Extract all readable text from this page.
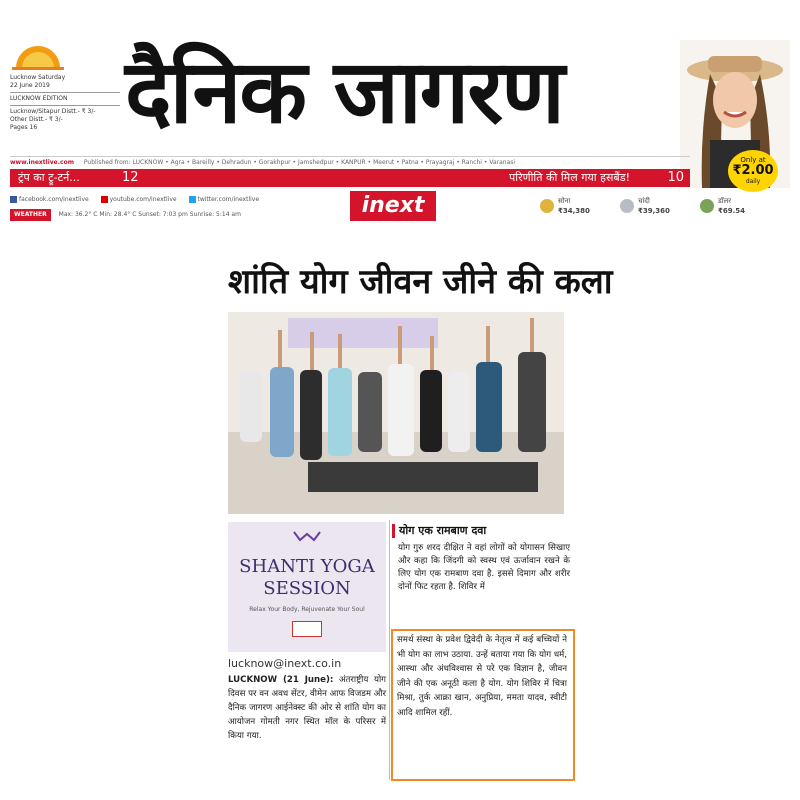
Lucknow Saturday
22 June 2019
LUCKNOW EDITION
Lucknow/Sitapur Distt.- ₹ 3/-
Other Distt.- ₹ 3/-
Pages 16 दैनिक जागरण
Only at
₹2.00
daily
www.inextlive.com Published from: LUCKNOW • Agra • Bareilly • Dehradun • Gorakhpur • Jamshedpur • KANPUR • Meerut • Patna • Prayagraj • Ranchi • Varanasi
ट्रंप का ट्रू-टर्न...	12	परिणीति की मिल गया हसबैंड!	10
facebook.com/inextlive	youtube.com/inextlive	twitter.com/inextlive
WEATHER Max: 36.2° C Min: 28.4° C Sunset: 7:03 pm Sunrise: 5:14 am	inext	सोना
₹34,380
चांदी
₹39,360
डॉलर
₹69.54
शांति योग जीवन जीने की कला
SHANTI YOGA
SESSION
Relax Your Body, Rejuvenate Your Soul
lucknow@inext.co.in
LUCKNOW (21 June): अंतराष्ट्रीय योग दिवस पर वन अवध सेंटर, वीमेन आफ विजडम और दैनिक जागरण आईनेक्स्ट की ओर से शांति योग का आयोजन गोमती नगर स्थित मॉल के परिसर में किया गया.
योग एक रामबाण दवा
योग गुरु शरद दीक्षित ने वहां लोगों को योगासन सिखाए और कहा कि जिंदगी को स्वस्थ एवं ऊर्जावान रखने के लिए योग एक रामबाण दवा है. इससे दिमाग और शरीर दोनों फिट रहता है. शिविर में
समर्थ संस्था के प्रवेश द्विवेदी के नेतृत्व में कई बच्चियों ने भी योग का लाभ उठाया. उन्हें बताया गया कि योग धर्म, आस्था और अंधविश्वास से परे एक विज्ञान है, जीवन जीने की एक अनूठी कला है योग. योग शिविर में चित्रा मिश्रा, तुर्क आक्रा खान, अनुप्रिया, ममता यादव, स्वीटी आदि शामिल रहीं.
